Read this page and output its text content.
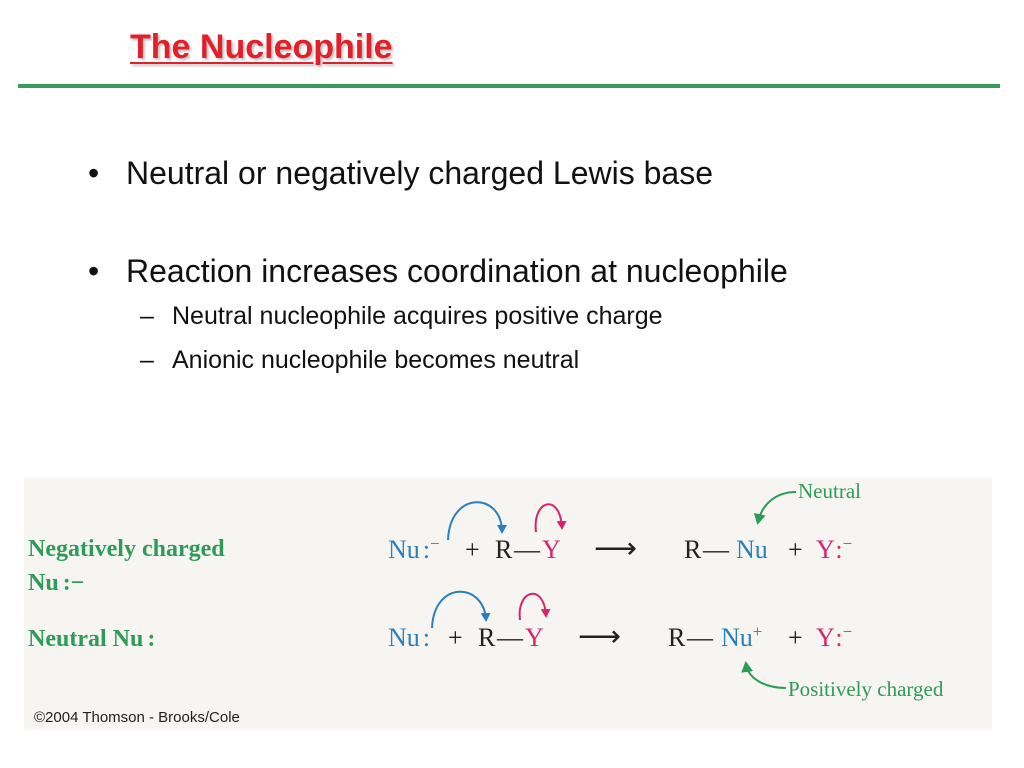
The Nucleophile
• Neutral or negatively charged Lewis base
• Reaction increases coordination at nucleophile
– Neutral nucleophile acquires positive charge
– Anionic nucleophile becomes neutral
Negatively charged
Nu :−
Neutral Nu :
Nu :− + R — Y ⟶ R — Nu + Y :−
Nu : + R — Y ⟶ R — Nu+ + Y :−
Neutral
Positively charged
©2004 Thomson - Brooks/Cole
